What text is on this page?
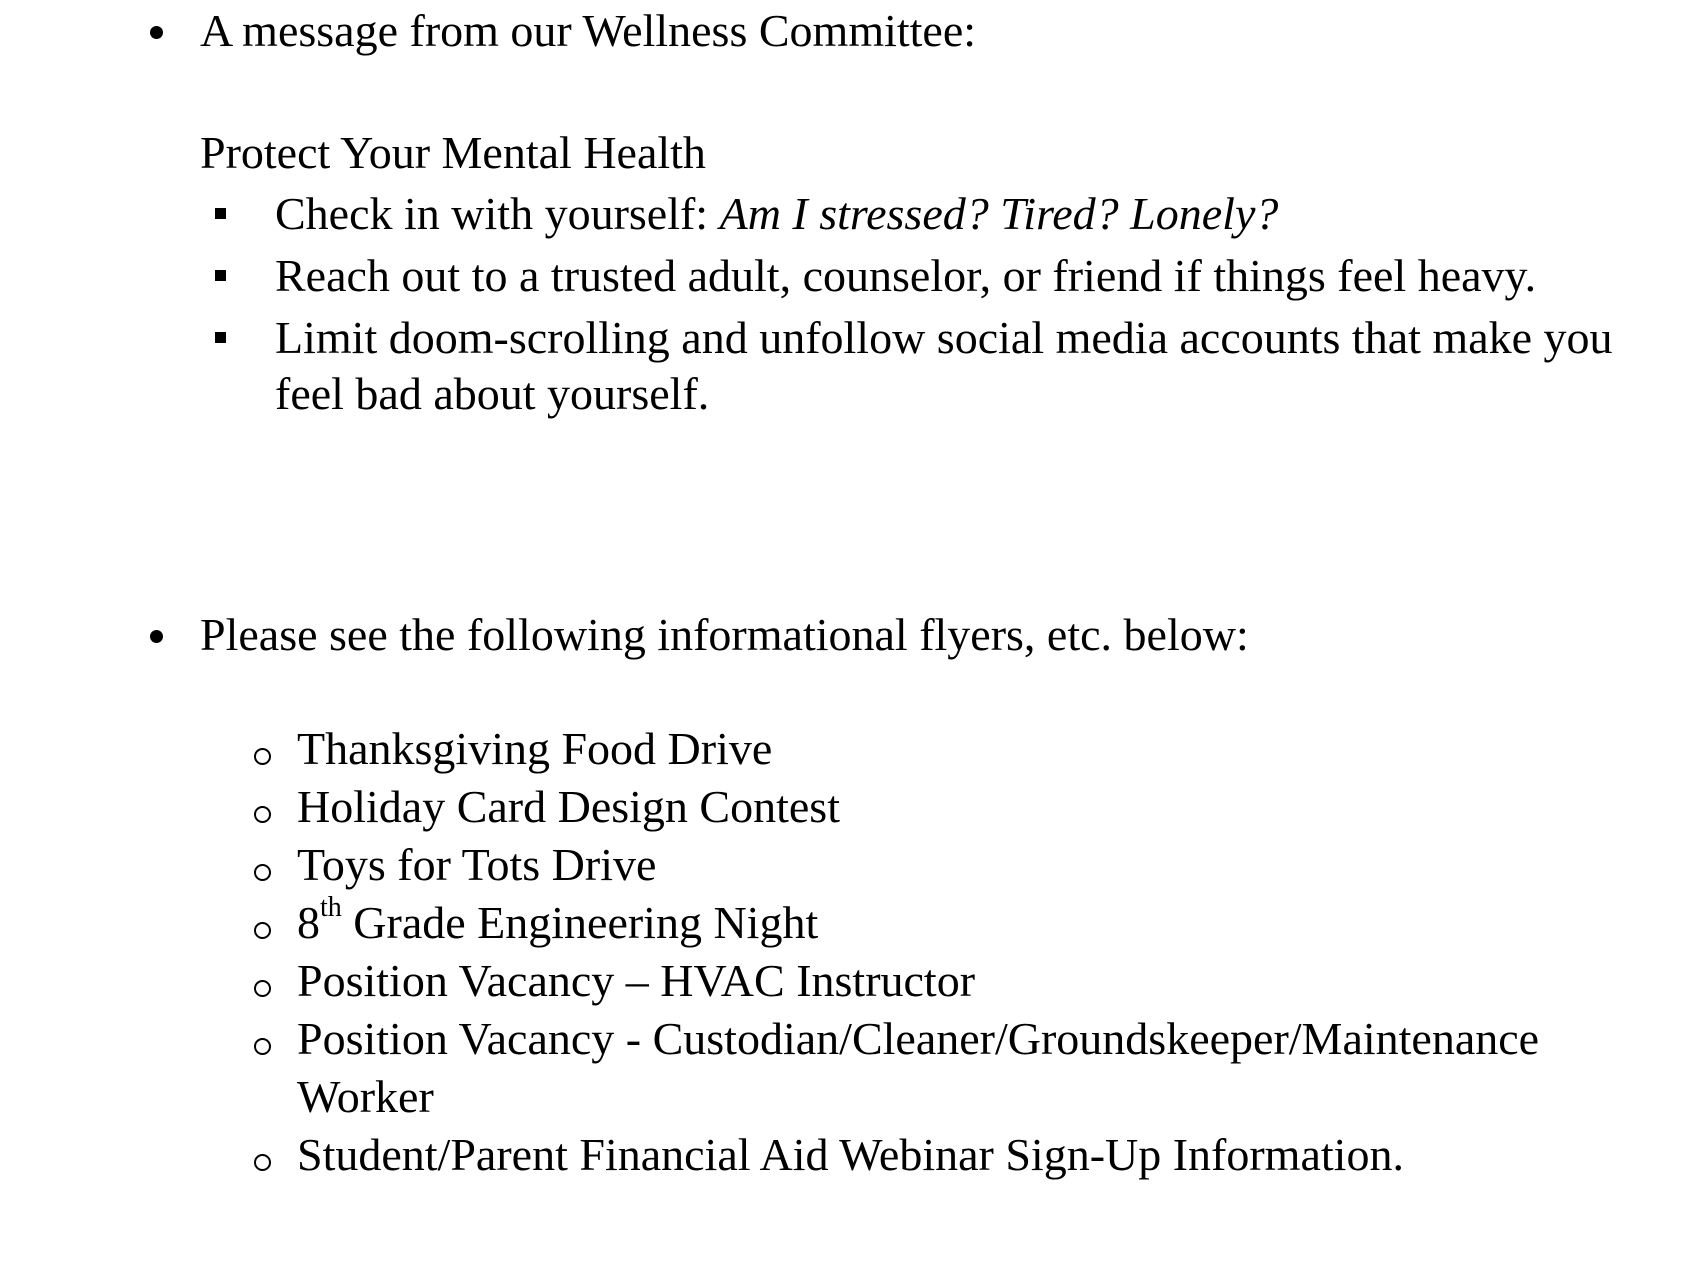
A message from our Wellness Committee:
Protect Your Mental Health
Check in with yourself: Am I stressed? Tired? Lonely?
Reach out to a trusted adult, counselor, or friend if things feel heavy.
Limit doom-scrolling and unfollow social media accounts that make you feel bad about yourself.
Please see the following informational flyers, etc. below:
Thanksgiving Food Drive
Holiday Card Design Contest
Toys for Tots Drive
8th Grade Engineering Night
Position Vacancy – HVAC Instructor
Position Vacancy - Custodian/Cleaner/Groundskeeper/Maintenance Worker
Student/Parent Financial Aid Webinar Sign-Up Information.
